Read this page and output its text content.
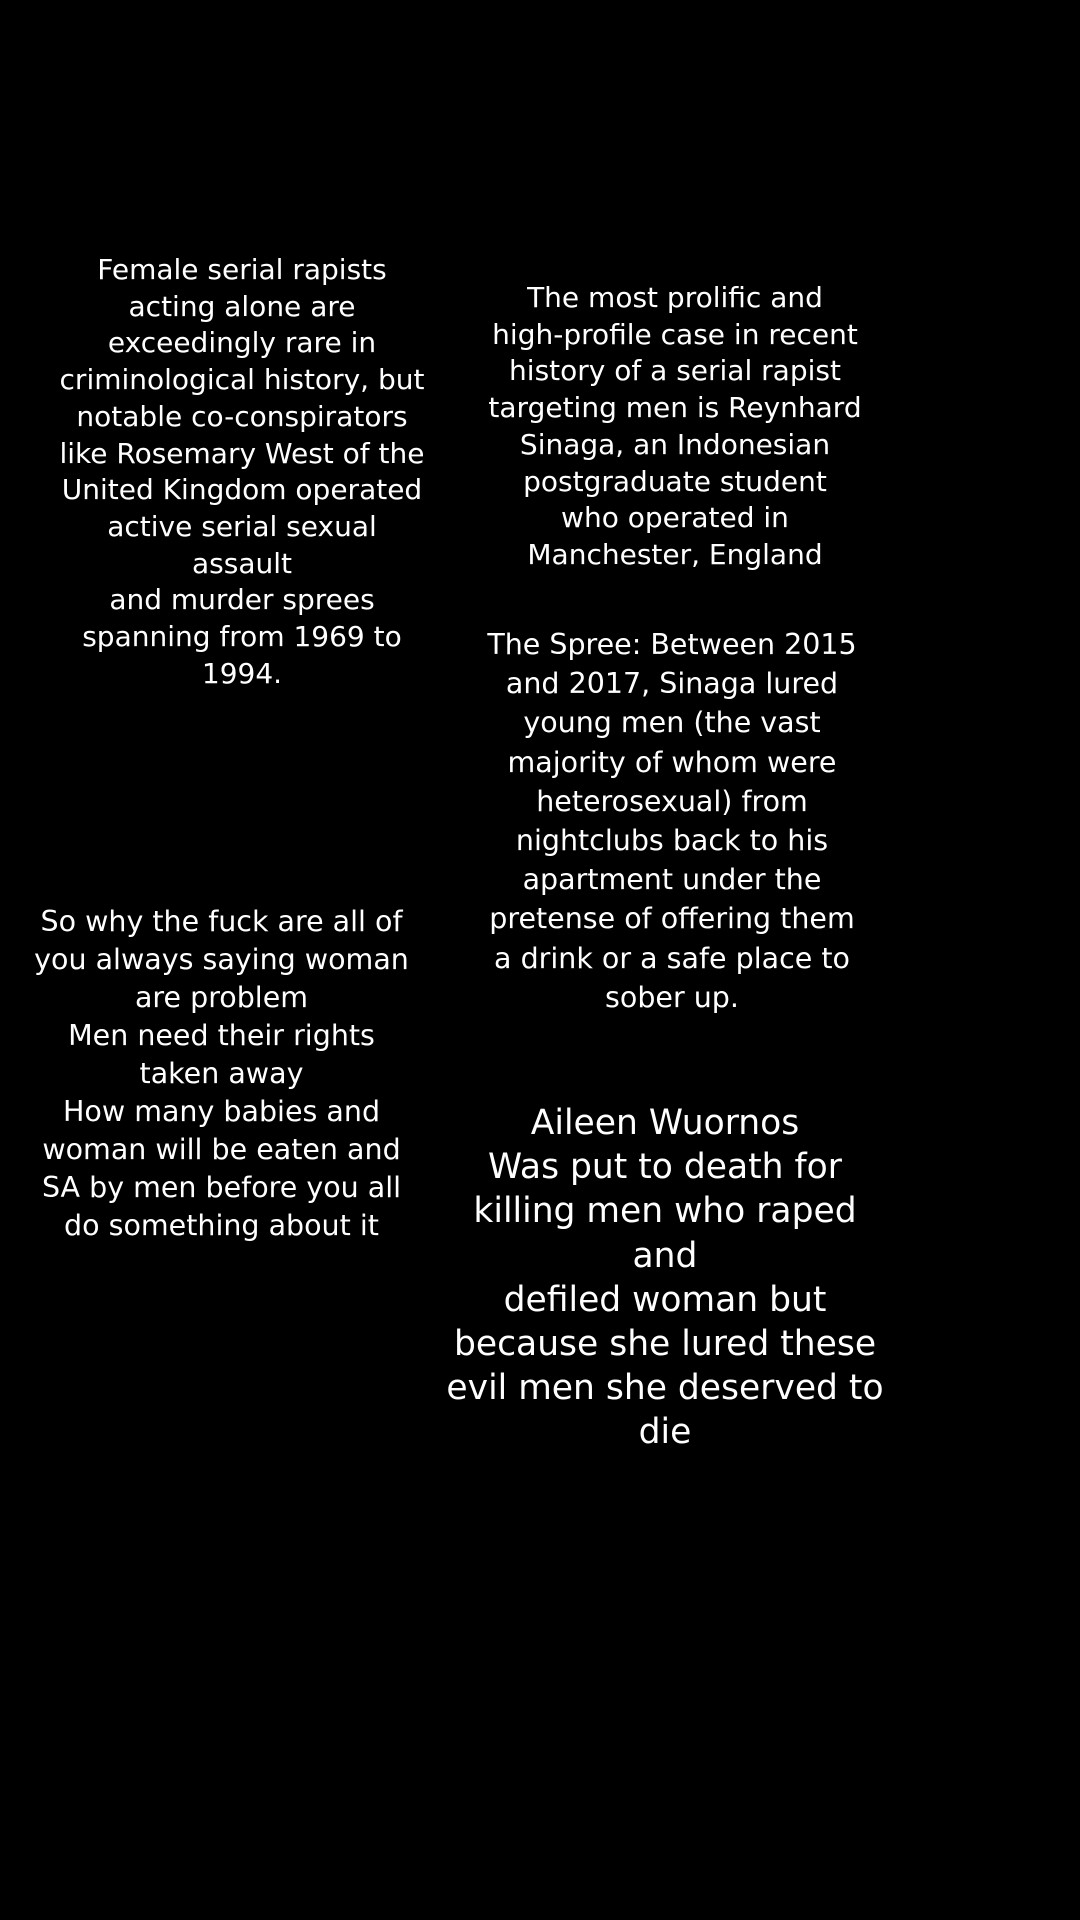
Female serial rapists
acting alone are
exceedingly rare in
criminological history, but
notable co-conspirators
like Rosemary West of the
United Kingdom operated
active serial sexual assault
and murder sprees
spanning from 1969 to
1994.

The most prolific and
high-profile case in recent
history of a serial rapist
targeting men is Reynhard
Sinaga, an Indonesian
postgraduate student
who operated in
Manchester, England

The Spree: Between 2015
and 2017, Sinaga lured
young men (the vast
majority of whom were
heterosexual) from
nightclubs back to his
apartment under the
pretense of offering them
a drink or a safe place to
sober up.

So why the fuck are all of
you always saying woman
are problem
Men need their rights
taken away
How many babies and
woman will be eaten and
SA by men before you all
do something about it

Aileen Wuornos
Was put to death for
killing men who raped and
defiled woman but
because she lured these
evil men she deserved to
die
